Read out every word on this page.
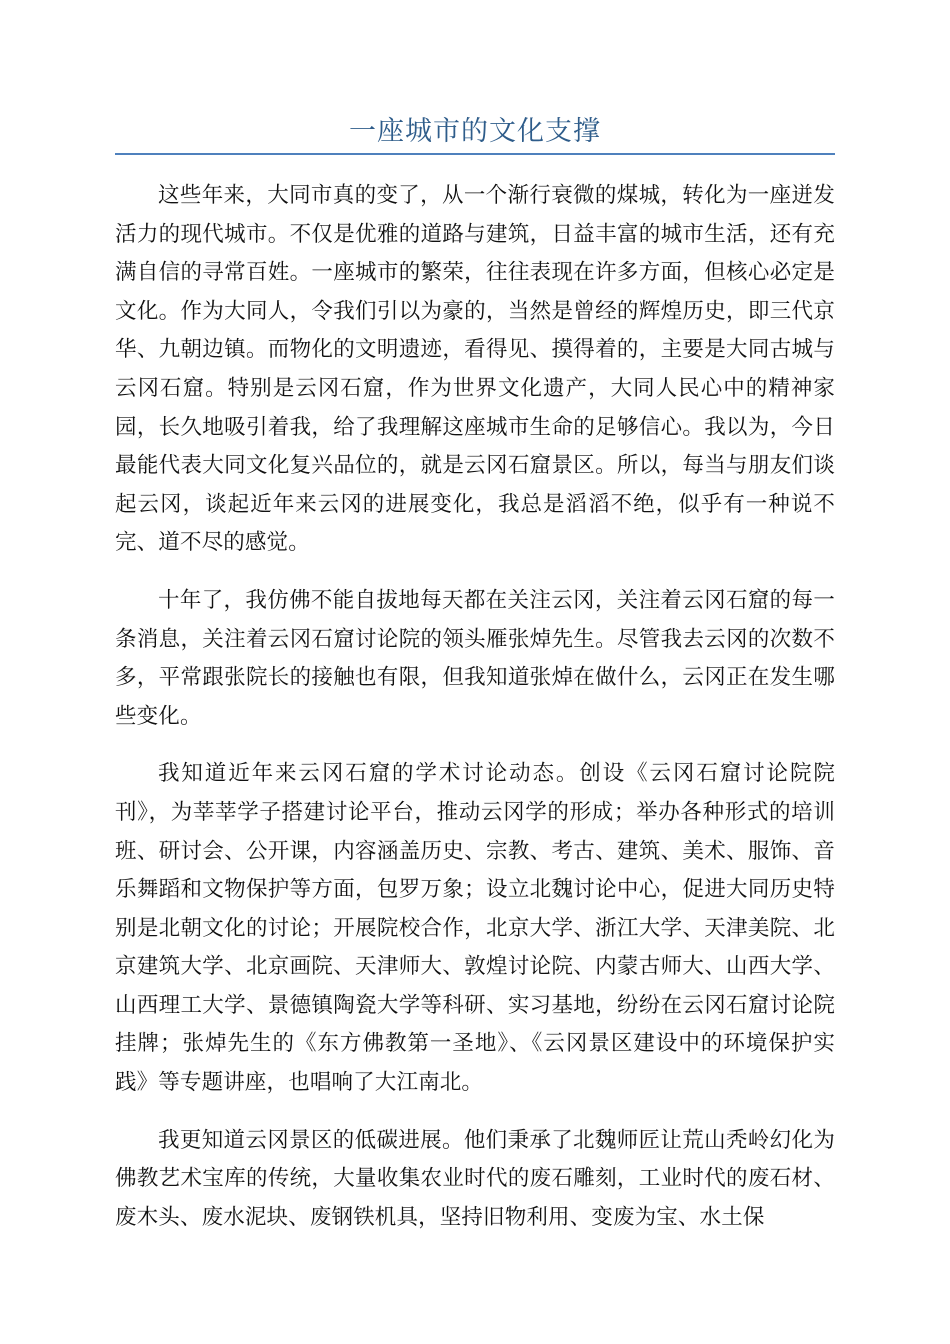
一座城市的文化支撑

这些年来，大同市真的变了，从一个渐行衰微的煤城，转化为一座迸发活力的现代城市。不仅是优雅的道路与建筑，日益丰富的城市生活，还有充满自信的寻常百姓。一座城市的繁荣，往往表现在许多方面，但核心必定是文化。作为大同人，令我们引以为豪的，当然是曾经的辉煌历史，即三代京华、九朝边镇。而物化的文明遗迹，看得见、摸得着的，主要是大同古城与云冈石窟。特别是云冈石窟，作为世界文化遗产，大同人民心中的精神家园，长久地吸引着我，给了我理解这座城市生命的足够信心。我以为，今日最能代表大同文化复兴品位的，就是云冈石窟景区。所以，每当与朋友们谈起云冈，谈起近年来云冈的进展变化，我总是滔滔不绝，似乎有一种说不完、道不尽的感觉。

十年了，我仿佛不能自拔地每天都在关注云冈，关注着云冈石窟的每一条消息，关注着云冈石窟讨论院的领头雁张焯先生。尽管我去云冈的次数不多，平常跟张院长的接触也有限，但我知道张焯在做什么，云冈正在发生哪些变化。

我知道近年来云冈石窟的学术讨论动态。创设《云冈石窟讨论院院刊》，为莘莘学子搭建讨论平台，推动云冈学的形成；举办各种形式的培训班、研讨会、公开课，内容涵盖历史、宗教、考古、建筑、美术、服饰、音乐舞蹈和文物保护等方面，包罗万象；设立北魏讨论中心，促进大同历史特别是北朝文化的讨论；开展院校合作，北京大学、浙江大学、天津美院、北京建筑大学、北京画院、天津师大、敦煌讨论院、内蒙古师大、山西大学、山西理工大学、景德镇陶瓷大学等科研、实习基地，纷纷在云冈石窟讨论院挂牌；张焯先生的《东方佛教第一圣地》、《云冈景区建设中的环境保护实践》等专题讲座，也唱响了大江南北。

我更知道云冈景区的低碳进展。他们秉承了北魏师匠让荒山秃岭幻化为佛教艺术宝库的传统，大量收集农业时代的废石雕刻，工业时代的废石材、废木头、废水泥块、废钢铁机具，坚持旧物利用、变废为宝、水土保
